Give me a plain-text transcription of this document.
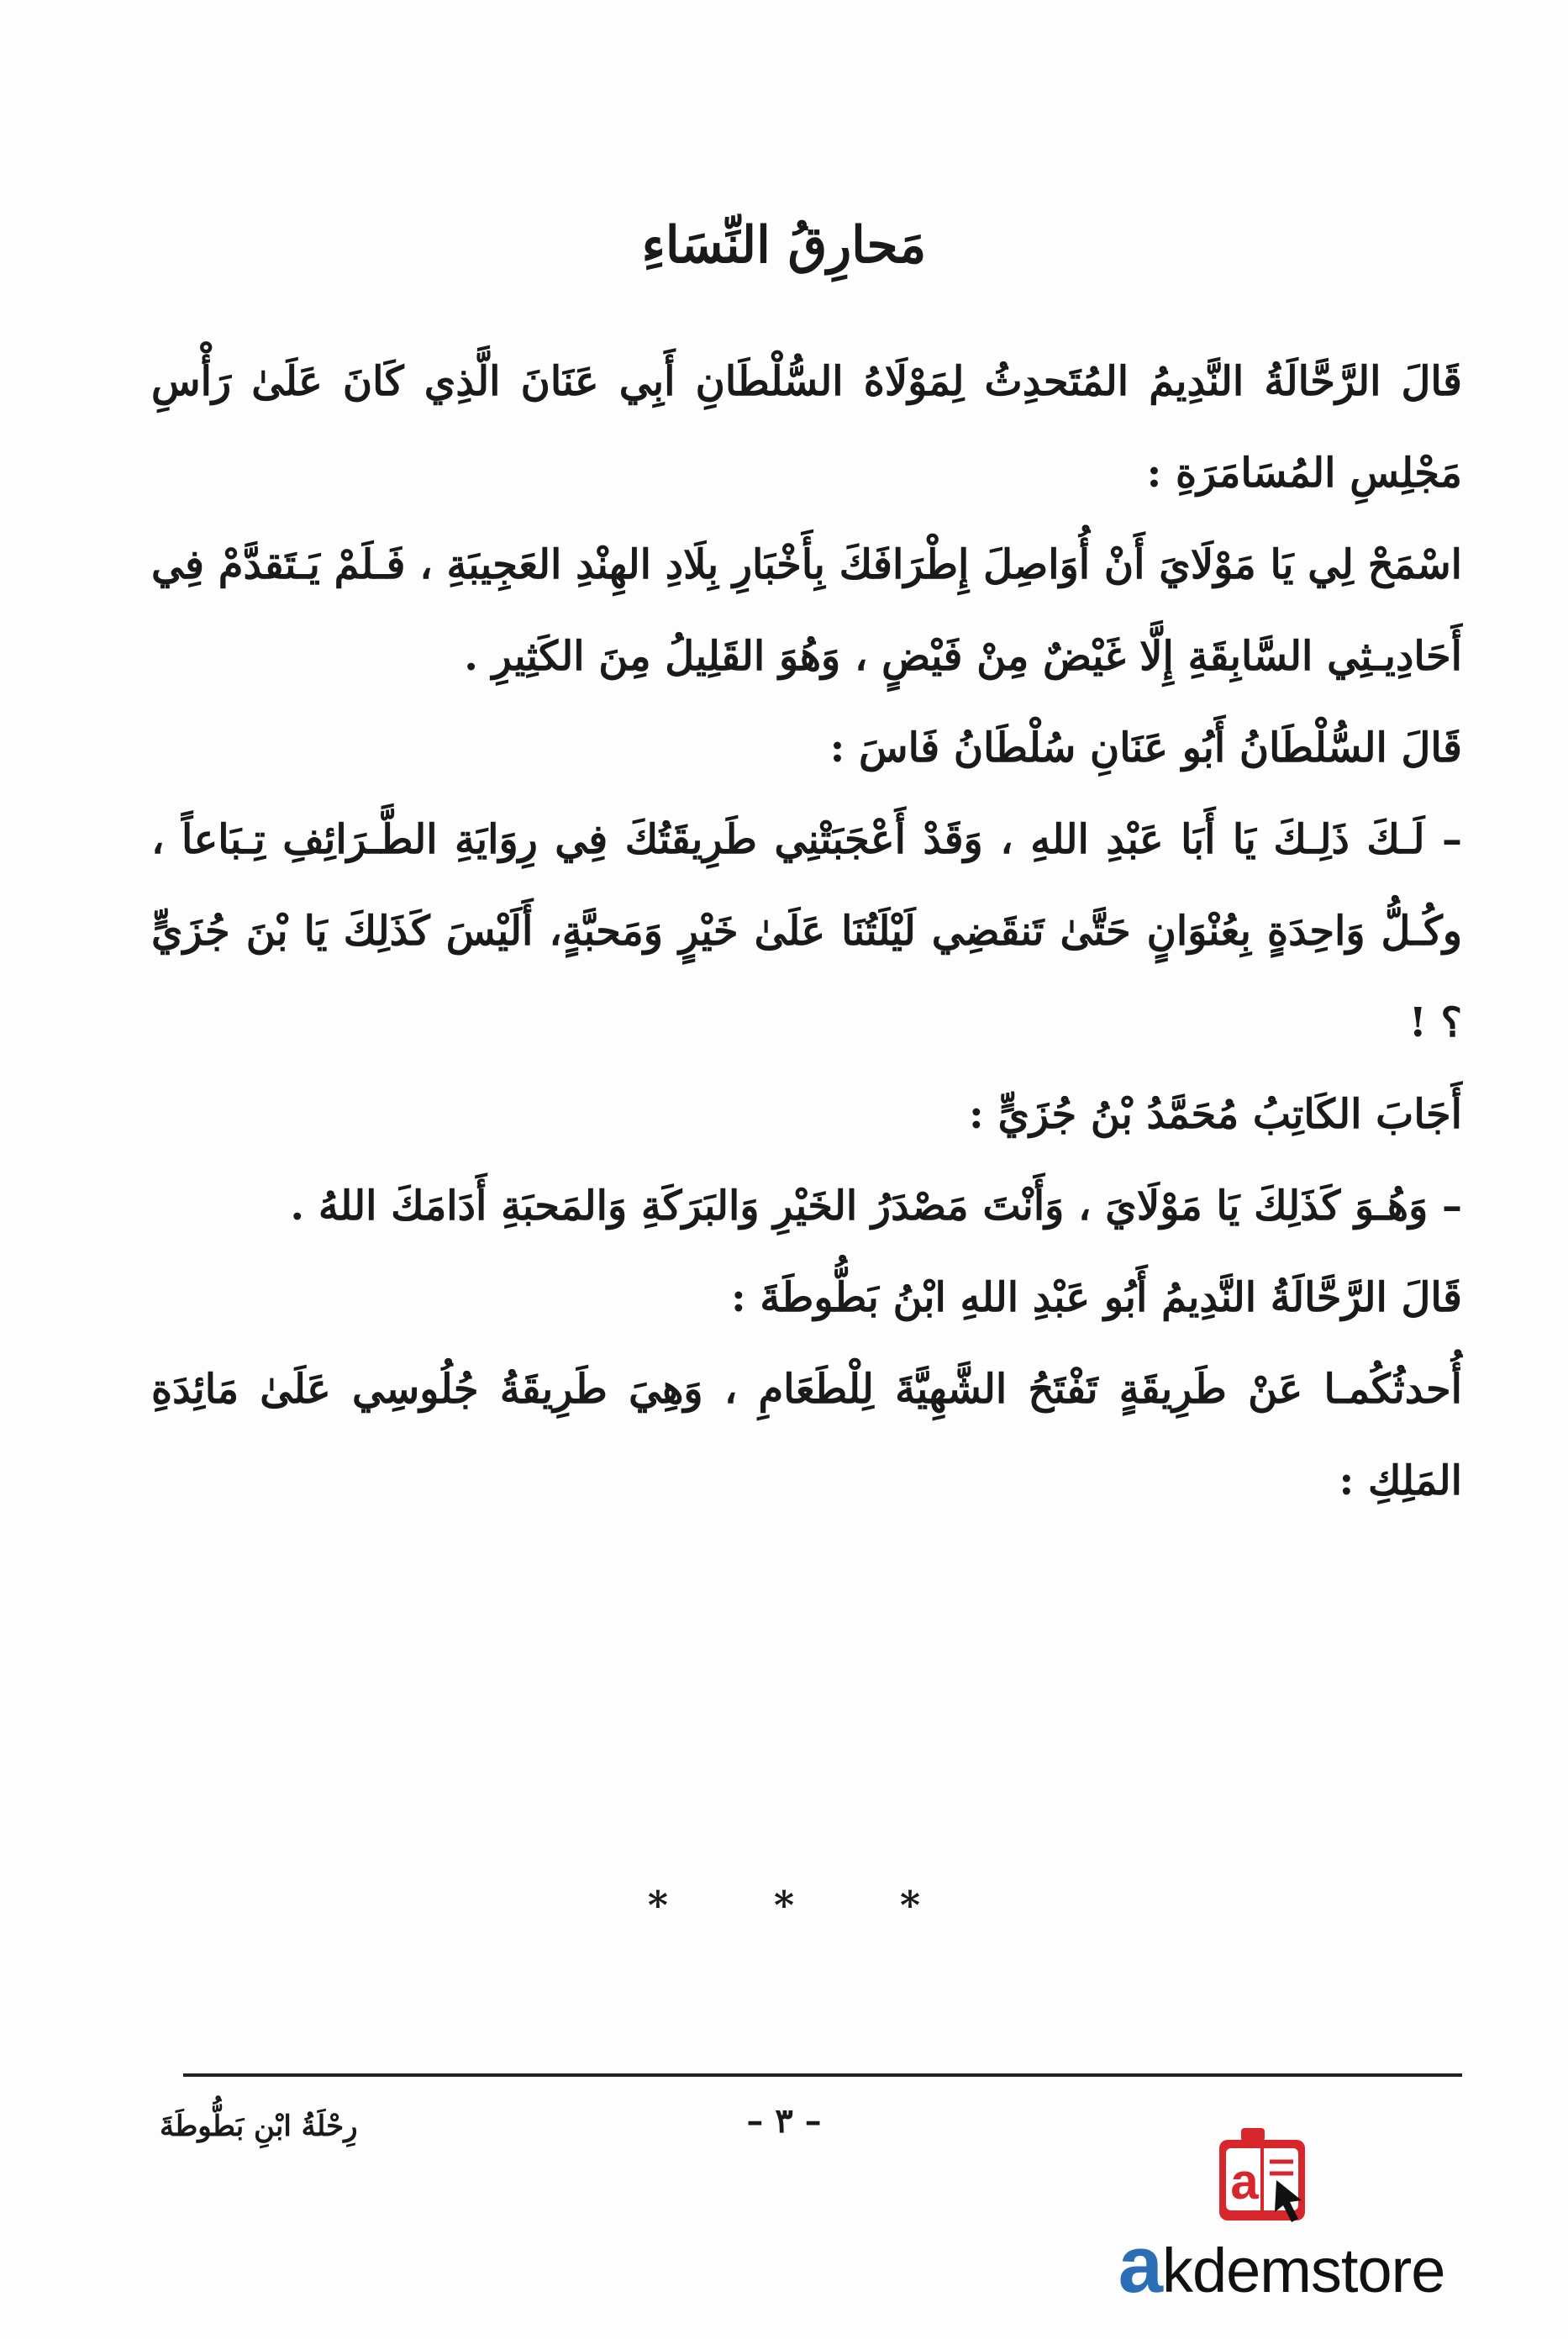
مَحارِقُ النِّسَاءِ

قَالَ الرَّحَّالَةُ النَّدِيمُ المُتَحدِثُ لِمَوْلَاهُ السُّلْطَانِ أَبِي عَنَانَ الَّذِي كَانَ عَلَىٰ رَأْسِ مَجْلِسِ المُسَامَرَةِ :

اسْمَحْ لِي يَا مَوْلَايَ أَنْ أُوَاصِلَ إِطْرَافَكَ بِأَخْبَارِ بِلَادِ الهِنْدِ العَجِيبَةِ ، فَـلَمْ يَـتَقدَّمْ فِي أَحَادِيـثِي السَّابِقَةِ إِلَّا غَيْضٌ مِنْ فَيْضٍ ، وَهُوَ القَلِيلُ مِنَ الكَثِيرِ .

قَالَ السُّلْطَانُ أَبُو عَنَانِ سُلْطَانُ فَاسَ :

– لَـكَ ذَلِـكَ يَا أَبَا عَبْدِ اللهِ ، وَقَدْ أَعْجَبَتْنِي طَرِيقَتُكَ فِي رِوَايَةِ الطَّـرَائِفِ تِـبَاعاً ، وكُـلُّ وَاحِدَةٍ بِعُنْوَانٍ حَتَّىٰ تَنقَضِي لَيْلَتُنَا عَلَىٰ خَيْرٍ وَمَحبَّةٍ، أَلَيْسَ كَذَلِكَ يَا بْنَ جُزَيٍّ ؟ !

أَجَابَ الكَاتِبُ مُحَمَّدُ بْنُ جُزَيٍّ :

– وَهُـوَ كَذَلِكَ يَا مَوْلَايَ ، وَأَنْتَ مَصْدَرُ الخَيْرِ وَالبَرَكَةِ وَالمَحبَةِ أَدَامَكَ اللهُ .

قَالَ الرَّحَّالَةُ النَّدِيمُ أَبُو عَبْدِ اللهِ ابْنُ بَطُّوطَةَ :

أُحدثُكُمـا عَنْ طَرِيقَةٍ تَفْتَحُ الشَّهِيَّةَ لِلْطَعَامِ ، وَهِيَ طَرِيقَةُ جُلُوسِي عَلَىٰ مَائِدَةِ المَلِكِ :

* * *
– ٣ –
رِحْلَةُ ابْنِ بَطُّوطَةَ
a
akdemstore
